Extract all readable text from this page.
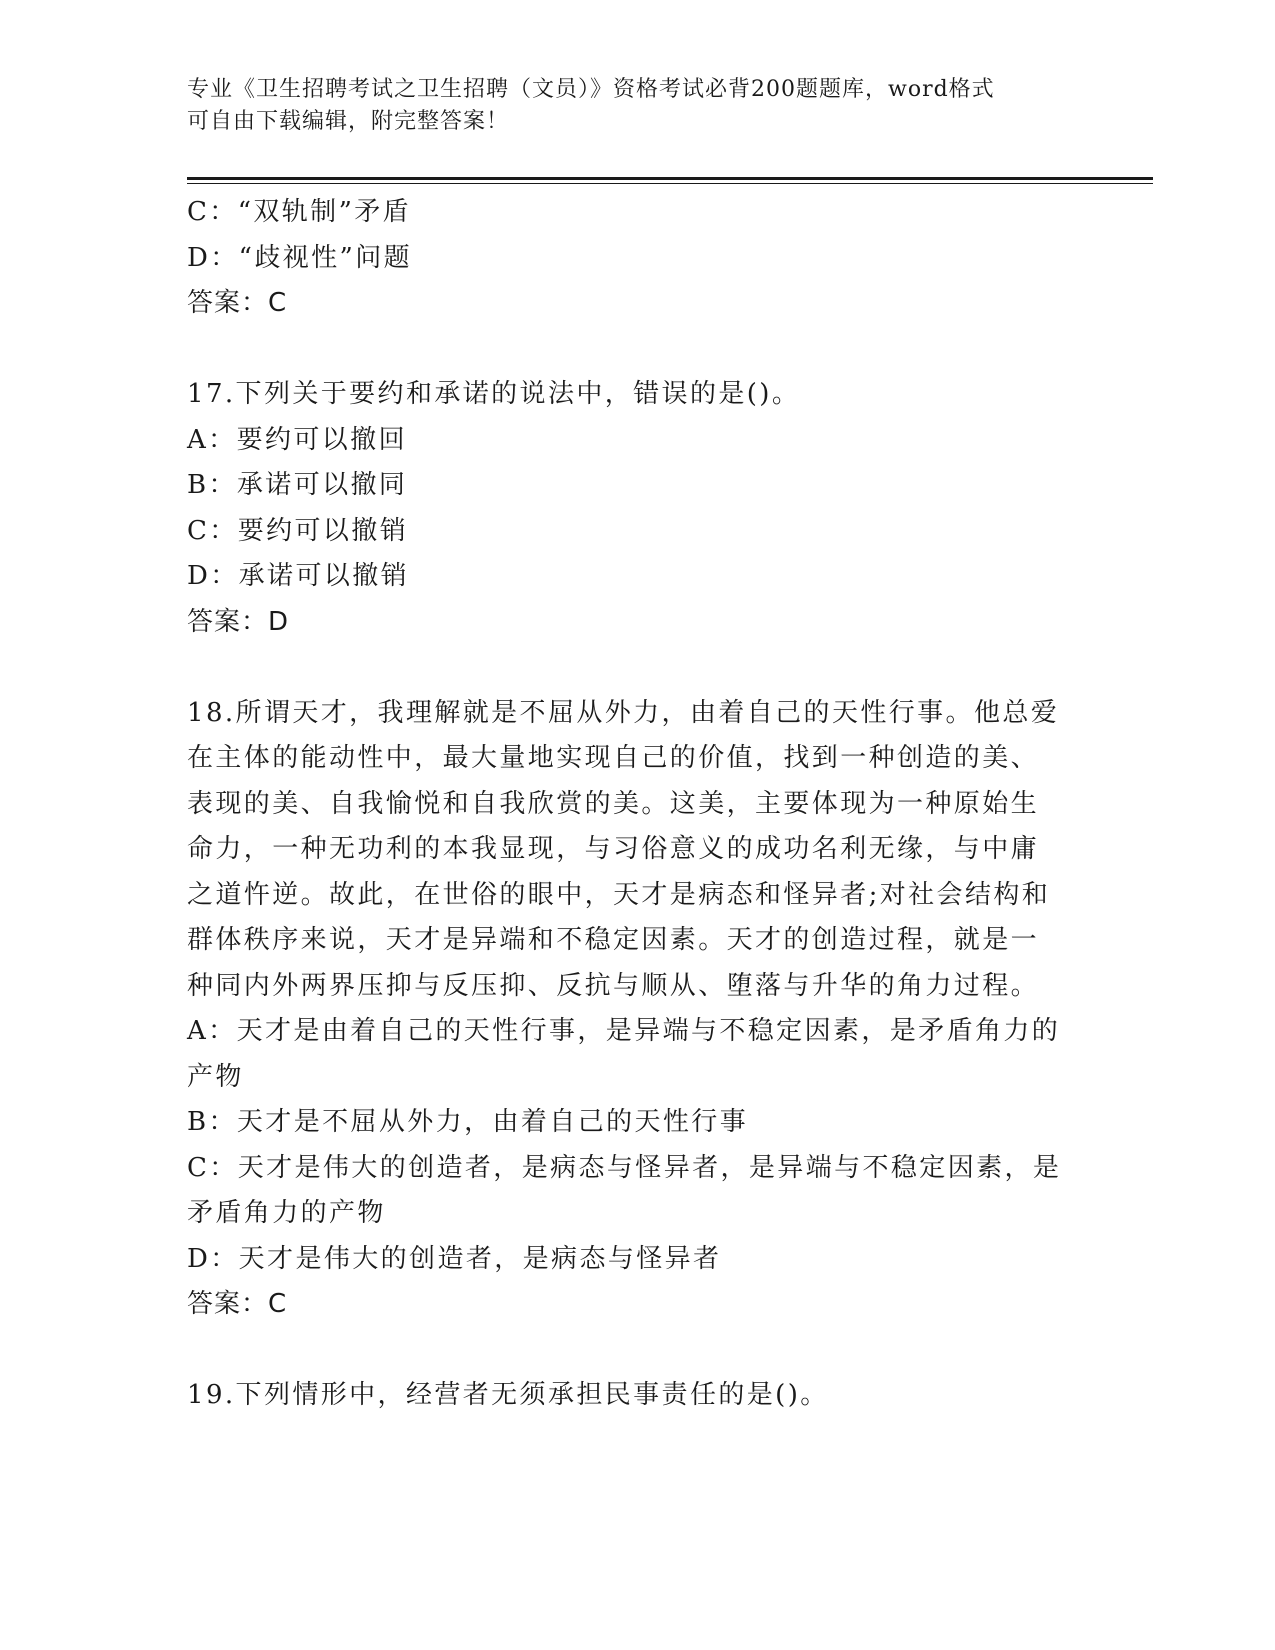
专业《卫生招聘考试之卫生招聘（文员）》资格考试必背200题题库，word格式
可自由下载编辑，附完整答案！
C：“双轨制”矛盾
D：“歧视性”问题
答案：C
17.下列关于要约和承诺的说法中，错误的是()。
A：要约可以撤回
B：承诺可以撤同
C：要约可以撤销
D：承诺可以撤销
答案：D
18.所谓天才，我理解就是不屈从外力，由着自己的天性行事。他总爱
在主体的能动性中，最大量地实现自己的价值，找到一种创造的美、
表现的美、自我愉悦和自我欣赏的美。这美，主要体现为一种原始生
命力，一种无功利的本我显现，与习俗意义的成功名利无缘，与中庸
之道忤逆。故此，在世俗的眼中，天才是病态和怪异者;对社会结构和
群体秩序来说，天才是异端和不稳定因素。天才的创造过程，就是一
种同内外两界压抑与反压抑、反抗与顺从、堕落与升华的角力过程。
A：天才是由着自己的天性行事，是异端与不稳定因素，是矛盾角力的
产物
B：天才是不屈从外力，由着自己的天性行事
C：天才是伟大的创造者，是病态与怪异者，是异端与不稳定因素，是
矛盾角力的产物
D：天才是伟大的创造者，是病态与怪异者
答案：C
19.下列情形中，经营者无须承担民事责任的是()。
